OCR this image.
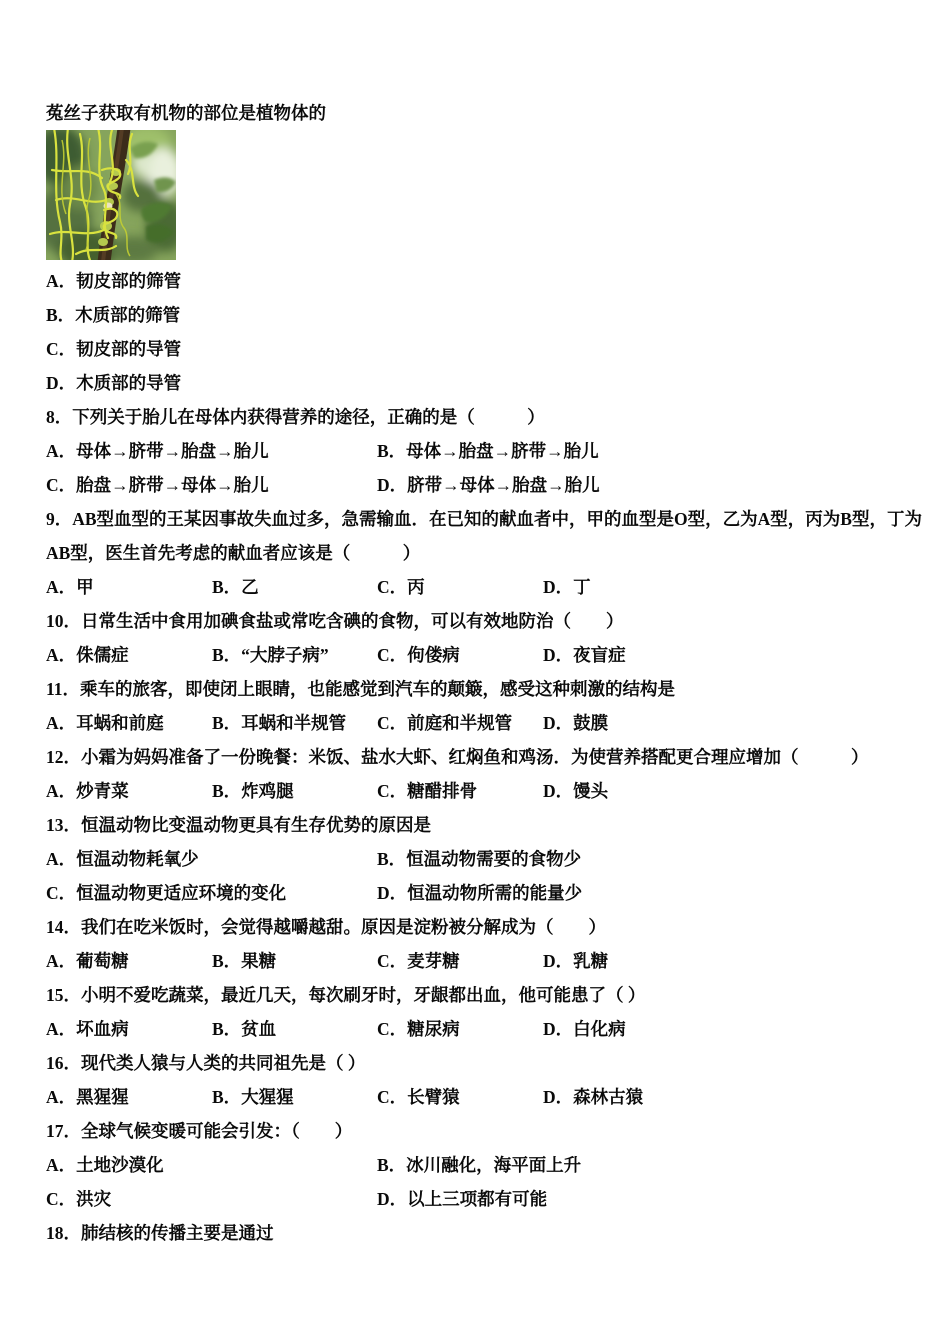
菟丝子获取有机物的部位是植物体的
A．韧皮部的筛管
B．木质部的筛管
C．韧皮部的导管
D．木质部的导管
8．下列关于胎儿在母体内获得营养的途径，正确的是（　　　）
A．母体→脐带→胎盘→胎儿	B．母体→胎盘→脐带→胎儿
C．胎盘→脐带→母体→胎儿	D．脐带→母体→胎盘→胎儿
9．AB型血型的王某因事故失血过多，急需输血．在已知的献血者中，甲的血型是O型，乙为A型，丙为B型，丁为
AB型，医生首先考虑的献血者应该是（　　　）
A．甲	B．乙	C．丙	D．丁
10．日常生活中食用加碘食盐或常吃含碘的食物，可以有效地防治（　　）
A．侏儒症	B．“大脖子病”	C．佝偻病	D．夜盲症
11．乘车的旅客，即使闭上眼睛，也能感觉到汽车的颠簸，感受这种刺激的结构是
A．耳蜗和前庭	B．耳蜗和半规管	C．前庭和半规管	D．鼓膜
12．小霜为妈妈准备了一份晚餐：米饭、盐水大虾、红焖鱼和鸡汤．为使营养搭配更合理应增加（　　　）
A．炒青菜	B．炸鸡腿	C．糖醋排骨	D．馒头
13．恒温动物比变温动物更具有生存优势的原因是
A．恒温动物耗氧少	B．恒温动物需要的食物少
C．恒温动物更适应环境的变化	D．恒温动物所需的能量少
14．我们在吃米饭时，会觉得越嚼越甜。原因是淀粉被分解成为（　　）
A．葡萄糖	B．果糖	C．麦芽糖	D．乳糖
15．小明不爱吃蔬菜，最近几天，每次刷牙时，牙龈都出血，他可能患了（ ）
A．坏血病	B．贫血	C．糖尿病	D．白化病
16．现代类人猿与人类的共同祖先是（ ）
A．黑猩猩	B．大猩猩	C．长臂猿	D．森林古猿
17．全球气候变暖可能会引发：（　　）
A．土地沙漠化	B．冰川融化，海平面上升
C．洪灾	D．以上三项都有可能
18．肺结核的传播主要是通过
